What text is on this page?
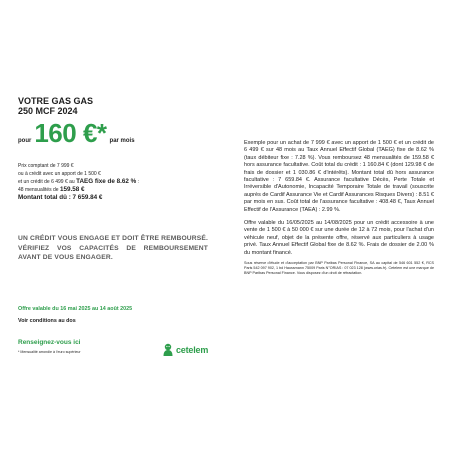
VOTRE GAS GAS
250 MCF 2024
pour 160 €* par mois
Prix comptant de 7 999 €
ou à crédit avec un apport de 1 500 €
et un crédit de 6 499 € au TAEG fixe de 8.62 % :
48 mensualités de 159.58 €
Montant total dû : 7 659.84 €
UN CRÉDIT VOUS ENGAGE ET DOIT ÊTRE REMBOURSÉ. VÉRIFIEZ VOS CAPACITÉS DE REMBOURSEMENT AVANT DE VOUS ENGAGER.
Offre valable du 16 mai 2025 au 14 août 2025
Voir conditions au dos
Renseignez-vous ici
* Mensualité arrondie à l'euro supérieur	cetelem

Exemple pour un achat de 7 999 € avec un apport de 1 500 € et un crédit de 6 499 € sur 48 mois au Taux Annuel Effectif Global (TAEG) fixe de 8.62 % (taux débiteur fixe : 7.28 %). Vous remboursez 48 mensualités de 159.58 € hors assurance facultative. Coût total du crédit : 1 160.84 € (dont 129.98 € de frais de dossier et 1 030.86 € d'intérêts). Montant total dû hors assurance facultative : 7 659.84 €. Assurance facultative Décès, Perte Totale et Irréversible d'Autonomie, Incapacité Temporaire Totale de travail (souscrite auprès de Cardif Assurance Vie et Cardif Assurances Risques Divers) : 8.51 € par mois en sus. Coût total de l'assurance facultative : 408.48 €, Taux Annuel Effectif de l'Assurance (TAEA) : 2.99 %.

Offre valable du 16/05/2025 au 14/08/2025 pour un crédit accessoire à une vente de 1 500 € à 50 000 € sur une durée de 12 à 72 mois, pour l'achat d'un véhicule neuf, objet de la présente offre, réservé aux particuliers à usage privé. Taux Annuel Effectif Global fixe de 8.62 %. Frais de dossier de 2.00 % du montant financé.

Sous réserve d'étude et d'acceptation par BNP Paribas Personal Finance, SA au capital de 546 601 552 €, RCS Paris 542 097 902, 1 bd Haussmann 75009 Paris N°ORIAS : 07 023 128 (www.orias.fr). Cetelem est une marque de BNP Paribas Personal Finance. Vous disposez d'un droit de rétractation.
